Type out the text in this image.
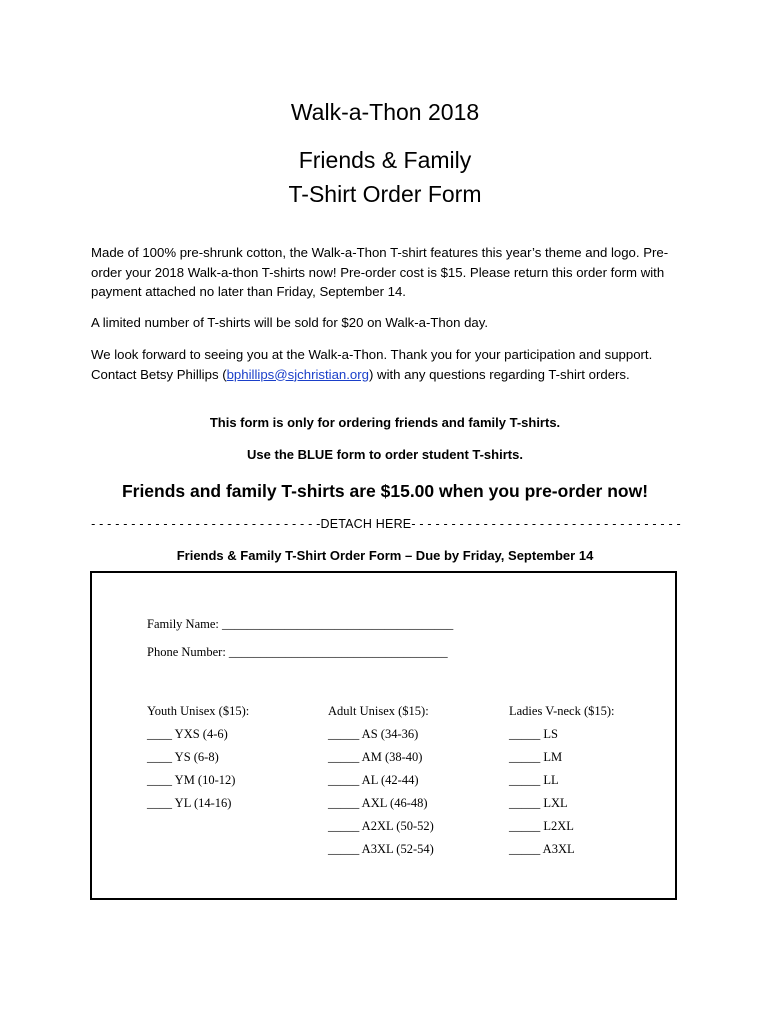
Walk-a-Thon 2018
Friends & Family
T-Shirt Order Form
Made of 100% pre-shrunk cotton, the Walk-a-Thon T-shirt features this year’s theme and logo. Pre-order your 2018 Walk-a-thon T-shirts now! Pre-order cost is $15. Please return this order form with payment attached no later than Friday, September 14.
A limited number of T-shirts will be sold for $20 on Walk-a-Thon day.
We look forward to seeing you at the Walk-a-Thon. Thank you for your participation and support. Contact Betsy Phillips (bphillips@sjchristian.org) with any questions regarding T-shirt orders.
This form is only for ordering friends and family T-shirts.
Use the BLUE form to order student T-shirts.
Friends and family T-shirts are $15.00 when you pre-order now!
- - - - - - - - - - - - - - - - - - - - - - - - - - - - -DETACH HERE- - - - - - - - - - - - - - - - - - - - - - - - - - - - - - - - - -
Friends & Family T-Shirt Order Form – Due by Friday, September 14
Family Name: _____________________________________
Phone Number: ___________________________________
Youth Unisex ($15):
____ YXS (4-6)
____ YS (6-8)
____ YM (10-12)
____ YL (14-16)
Adult Unisex ($15):
_____ AS (34-36)
_____ AM (38-40)
_____ AL (42-44)
_____ AXL (46-48)
_____ A2XL (50-52)
_____ A3XL (52-54)
Ladies V-neck ($15):
_____ LS
_____ LM
_____ LL
_____ LXL
_____ L2XL
_____ A3XL
